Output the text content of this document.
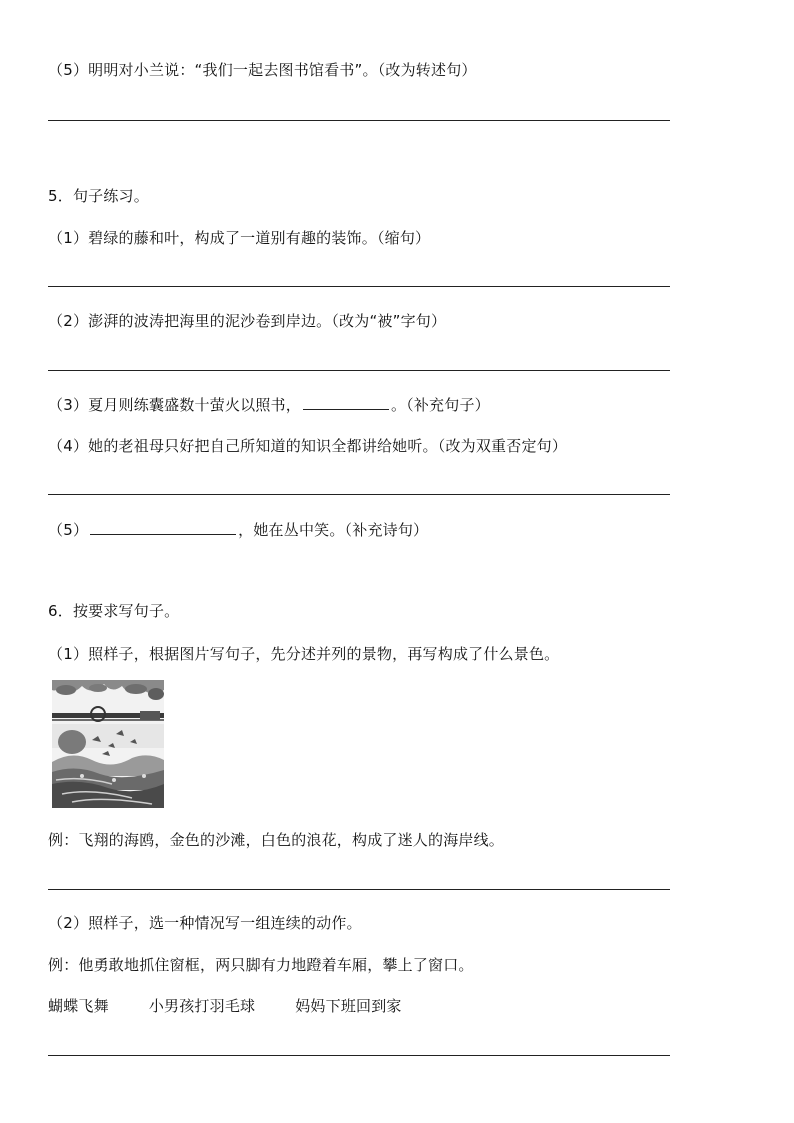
（5）明明对小兰说：“我们一起去图书馆看书”。（改为转述句）
5．句子练习。
（1）碧绿的藤和叶，构成了一道别有趣的装饰。（缩句）
（2）澎湃的波涛把海里的泥沙卷到岸边。（改为“被”字句）
（3）夏月则练囊盛数十萤火以照书，	。（补充句子）
（4）她的老祖母只好把自己所知道的知识全都讲给她听。（改为双重否定句）
（5）	，她在丛中笑。（补充诗句）
6．按要求写句子。
（1）照样子，根据图片写句子，先分述并列的景物，再写构成了什么景色。
例：飞翔的海鸥，金色的沙滩，白色的浪花，构成了迷人的海岸线。
（2）照样子，选一种情况写一组连续的动作。
例：他勇敢地抓住窗框，两只脚有力地蹬着车厢，攀上了窗口。
蝴蝶飞舞	小男孩打羽毛球	妈妈下班回到家
